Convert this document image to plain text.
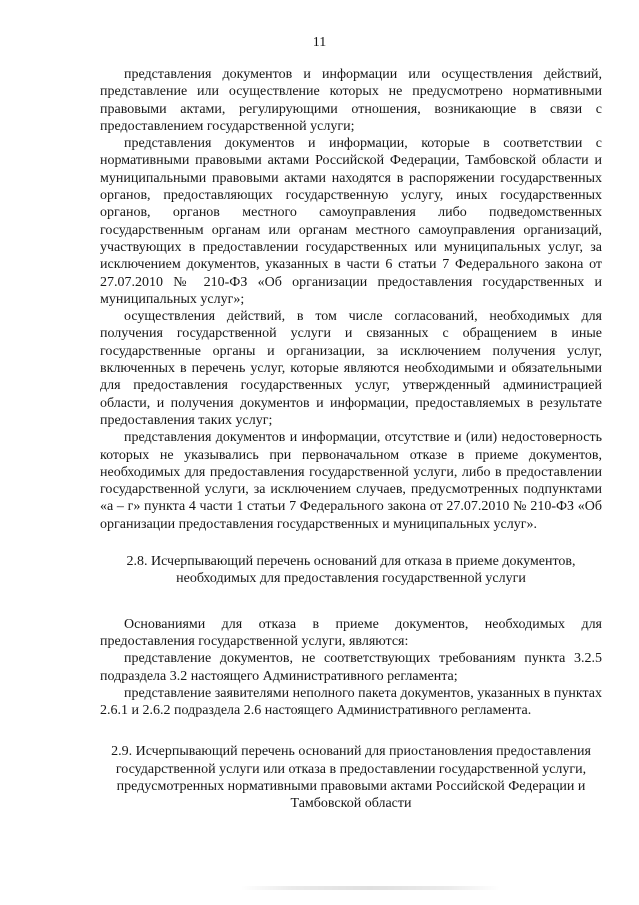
11

представления документов и информации или осуществления действий, представление или осуществление которых не предусмотрено нормативными правовыми актами, регулирующими отношения, возникающие в связи с предоставлением государственной услуги;

представления документов и информации, которые в соответствии с нормативными правовыми актами Российской Федерации, Тамбовской области и муниципальными правовыми актами находятся в распоряжении государственных органов, предоставляющих государственную услугу, иных государственных органов, органов местного самоуправления либо подведомственных государственным органам или органам местного самоуправления организаций, участвующих в предоставлении государственных или муниципальных услуг, за исключением документов, указанных в части 6 статьи 7 Федерального закона от 27.07.2010 № 210-ФЗ «Об организации предоставления государственных и муниципальных услуг»;

осуществления действий, в том числе согласований, необходимых для получения государственной услуги и связанных с обращением в иные государственные органы и организации, за исключением получения услуг, включенных в перечень услуг, которые являются необходимыми и обязательными для предоставления государственных услуг, утвержденный администрацией области, и получения документов и информации, предоставляемых в результате предоставления таких услуг;

представления документов и информации, отсутствие и (или) недостоверность которых не указывались при первоначальном отказе в приеме документов, необходимых для предоставления государственной услуги, либо в предоставлении государственной услуги, за исключением случаев, предусмотренных подпунктами «а – г» пункта 4 части 1 статьи 7 Федерального закона от 27.07.2010 № 210-ФЗ «Об организации предоставления государственных и муниципальных услуг».

2.8. Исчерпывающий перечень оснований для отказа в приеме документов, необходимых для предоставления государственной услуги

Основаниями для отказа в приеме документов, необходимых для предоставления государственной услуги, являются:

представление документов, не соответствующих требованиям пункта 3.2.5 подраздела 3.2 настоящего Административного регламента;

представление заявителями неполного пакета документов, указанных в пунктах 2.6.1 и 2.6.2 подраздела 2.6 настоящего Административного регламента.

2.9. Исчерпывающий перечень оснований для приостановления предоставления государственной услуги или отказа в предоставлении государственной услуги, предусмотренных нормативными правовыми актами Российской Федерации и Тамбовской области
